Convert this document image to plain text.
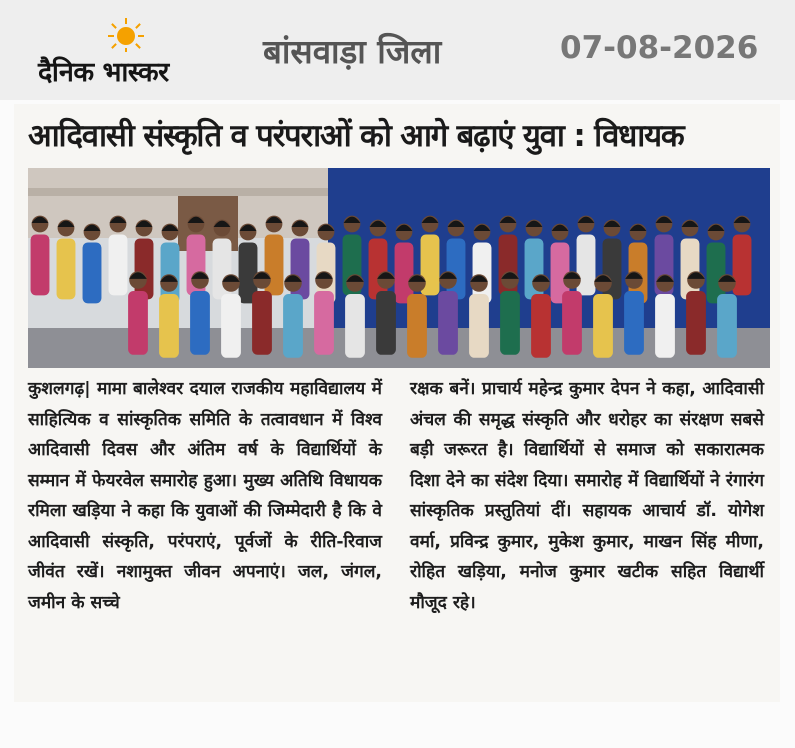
दैनिक भास्कर
बांसवाड़ा जिला	07-08-2026
आदिवासी संस्कृति व परंपराओं को आगे बढ़ाएं युवा : विधायक
कुशलगढ़| मामा बालेश्वर दयाल राजकीय महाविद्यालय में साहित्यिक व सांस्कृतिक समिति के तत्वावधान में विश्व आदिवासी दिवस और अंतिम वर्ष के विद्यार्थियों के सम्मान में फेयरवेल समारोह हुआ। मुख्य अतिथि विधायक रमिला खड़िया ने कहा कि युवाओं की जिम्मेदारी है कि वे आदिवासी संस्कृति, परंपराएं, पूर्वजों के रीति-रिवाज जीवंत रखें। नशामुक्त जीवन अपनाएं। जल, जंगल, जमीन के सच्चे
रक्षक बनें। प्राचार्य महेन्द्र कुमार देपन ने कहा, आदिवासी अंचल की समृद्ध संस्कृति और धरोहर का संरक्षण सबसे बड़ी जरूरत है। विद्यार्थियों से समाज को सकारात्मक दिशा देने का संदेश दिया। समारोह में विद्यार्थियों ने रंगारंग सांस्कृतिक प्रस्तुतियां दीं। सहायक आचार्य डॉ. योगेश वर्मा, प्रविन्द्र कुमार, मुकेश कुमार, माखन सिंह मीणा, रोहित खड़िया, मनोज कुमार खटीक सहित विद्यार्थी मौजूद रहे।
